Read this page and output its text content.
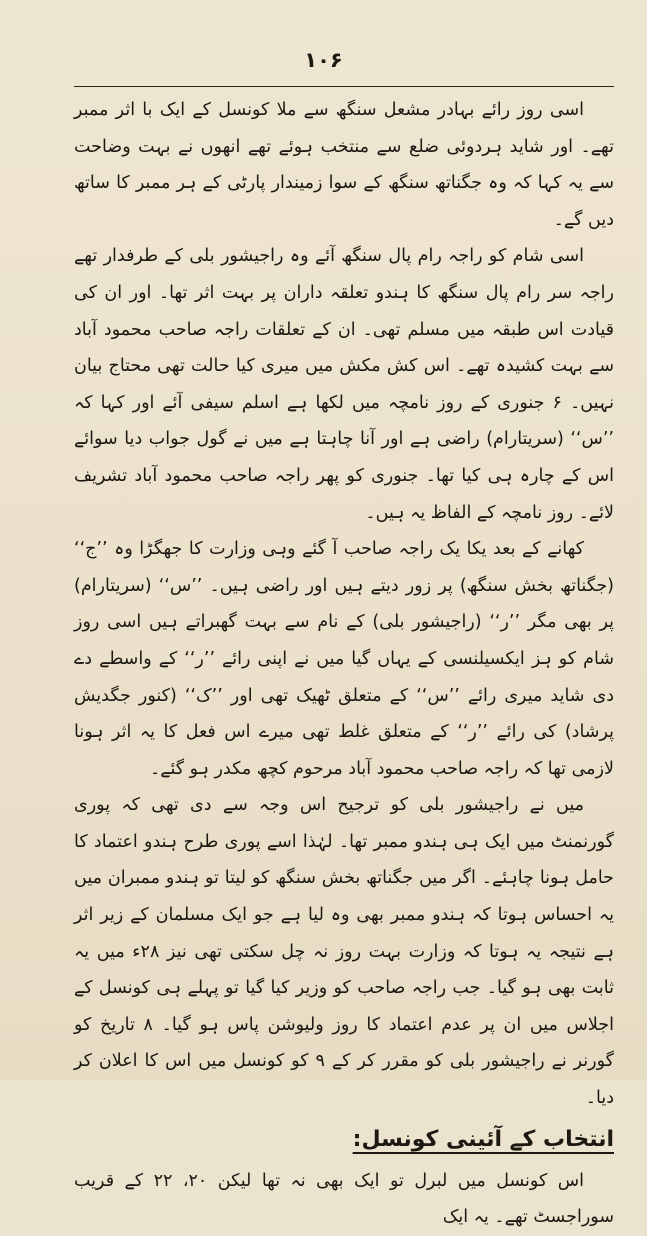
۱۰۶

اسی روز رائے بہادر مشعل سنگھ سے ملا کونسل کے ایک با اثر ممبر تھے۔ اور شاید ہردوئی ضلع سے منتخب ہوئے تھے انھوں نے بہت وضاحت سے یہ کہا کہ وہ جگناتھ سنگھ کے سوا زمیندار پارٹی کے ہر ممبر کا ساتھ دیں گے۔

اسی شام کو راجہ رام پال سنگھ آئے وہ راجیشور بلی کے طرفدار تھے راجہ سر رام پال سنگھ کا ہندو تعلقہ داران پر بہت اثر تھا۔ اور ان کی قیادت اس طبقہ میں مسلم تھی۔ ان کے تعلقات راجہ صاحب محمود آباد سے بہت کشیدہ تھے۔ اس کش مکش میں میری کیا حالت تھی محتاج بیان نہیں۔ ۶ جنوری کے روز نامچہ میں لکھا ہے اسلم سیفی آئے اور کہا کہ ’’س‘‘ (سریتارام) راضی ہے اور آنا چاہتا ہے میں نے گول جواب دیا سوائے اس کے چارہ ہی کیا تھا۔ جنوری کو پھر راجہ صاحب محمود آباد تشریف لائے۔ روز نامچہ کے الفاظ یہ ہیں۔

کھانے کے بعد یکا یک راجہ صاحب آ گئے وہی وزارت کا جھگڑا وہ ’’ج‘‘ (جگناتھ بخش سنگھ) پر زور دیتے ہیں اور راضی ہیں۔ ’’س‘‘ (سریتارام) پر بھی مگر ’’ر‘‘ (راجیشور بلی) کے نام سے بہت گھبراتے ہیں اسی روز شام کو ہز ایکسیلنسی کے یہاں گیا میں نے اپنی رائے ’’ر‘‘ کے واسطے دے دی شاید میری رائے ’’س‘‘ کے متعلق ٹھیک تھی اور ’’ک‘‘ (کنور جگدیش پرشاد) کی رائے ’’ر‘‘ کے متعلق غلط تھی میرے اس فعل کا یہ اثر ہونا لازمی تھا کہ راجہ صاحب محمود آباد مرحوم کچھ مکدر ہو گئے۔

میں نے راجیشور بلی کو ترجیح اس وجہ سے دی تھی کہ پوری گورنمنٹ میں ایک ہی ہندو ممبر تھا۔ لہٰذا اسے پوری طرح ہندو اعتماد کا حامل ہونا چاہئے۔ اگر میں جگناتھ بخش سنگھ کو لیتا تو ہندو ممبران میں یہ احساس ہوتا کہ ہندو ممبر بھی وہ لیا ہے جو ایک مسلمان کے زیر اثر ہے نتیجہ یہ ہوتا کہ وزارت بہت روز نہ چل سکتی تھی نیز ۲۸ء میں یہ ثابت بھی ہو گیا۔ جب راجہ صاحب کو وزیر کیا گیا تو پہلے ہی کونسل کے اجلاس میں ان پر عدم اعتماد کا روز ولیوشن پاس ہو گیا۔ ۸ تاریخ کو گورنر نے راجیشور بلی کو مقرر کر کے ۹ کو کونسل میں اس کا اعلان کر دیا۔

انتخاب کے آئینی کونسل:

اس کونسل میں لبرل تو ایک بھی نہ تھا لیکن ۲۰، ۲۲ کے قریب سوراجسٹ تھے۔ یہ ایک
